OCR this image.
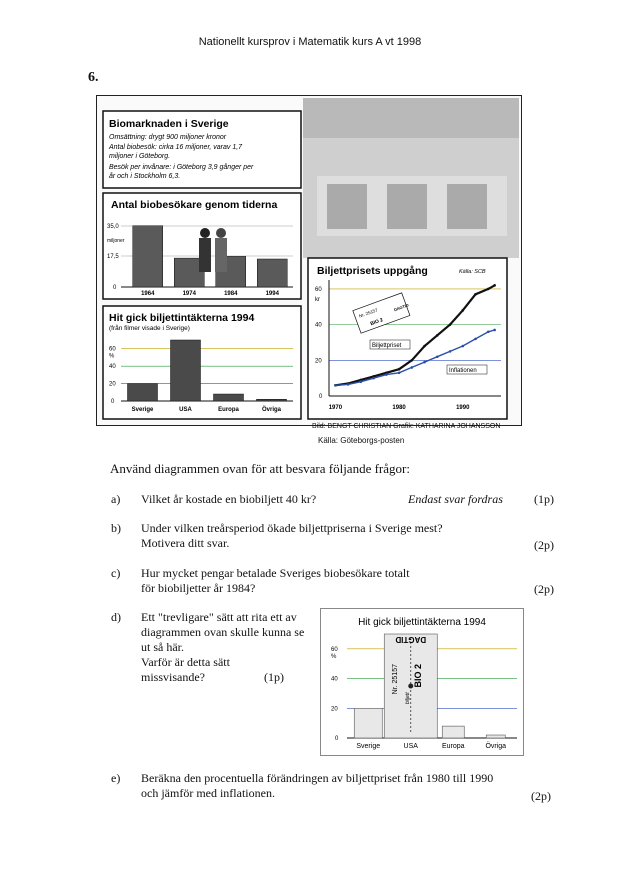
Nationellt kursprov i Matematik kurs A vt 1998
6.
Biomarknaden i Sverige
Omsättning: drygt 900 miljoner kronor
Antal biobesök: cirka 16 miljoner, varav 1,7
miljoner i Göteborg.
Besök per invånare: i Göteborg 3,9 gånger per
år och i Stockholm 6,3.
Antal biobesökare genom tiderna
35,0
miljoner
17,5
0
1964	1974	1984	1994
Hit gick biljettintäkterna 1994
(från filmer visade i Sverige)
60
%
40
20
0
Sverige	USA	Europa	Övriga
Biljettprisets uppgång	Källa: SCB
60
kr
40
20
0
1970	1980	1990
Biljettpriset
Inflationen
Nr. 25157
BIO 2
DAGTID
Bild: BENGT CHRISTIAN Grafik: KATHARINA JOHANSSON
Källa: Göteborgs-posten
Använd diagrammen ovan för att besvara följande frågor:
a) Vilket år kostade en biobiljett 40 kr?	Endast svar fordras	(1p)
b) Under vilken treårsperiod ökade biljettpriserna i Sverige mest?
Motivera ditt svar.	(2p)
c) Hur mycket pengar betalade Sveriges biobesökare totalt
för biobiljetter år 1984?	(2p)
d) Ett "trevligare" sätt att rita ett av
diagrammen ovan skulle kunna se
ut så här.
Varför är detta sätt
missvisande?	(1p)
Hit gick biljettintäkterna 1994
60
%
40
20
0
Sverige
Nr. 25157 BIO 2
DAGTID
biljett
USA	Europa	Övriga
e) Beräkna den procentuella förändringen av biljettpriset från 1980 till 1990
och jämför med inflationen.	(2p)
